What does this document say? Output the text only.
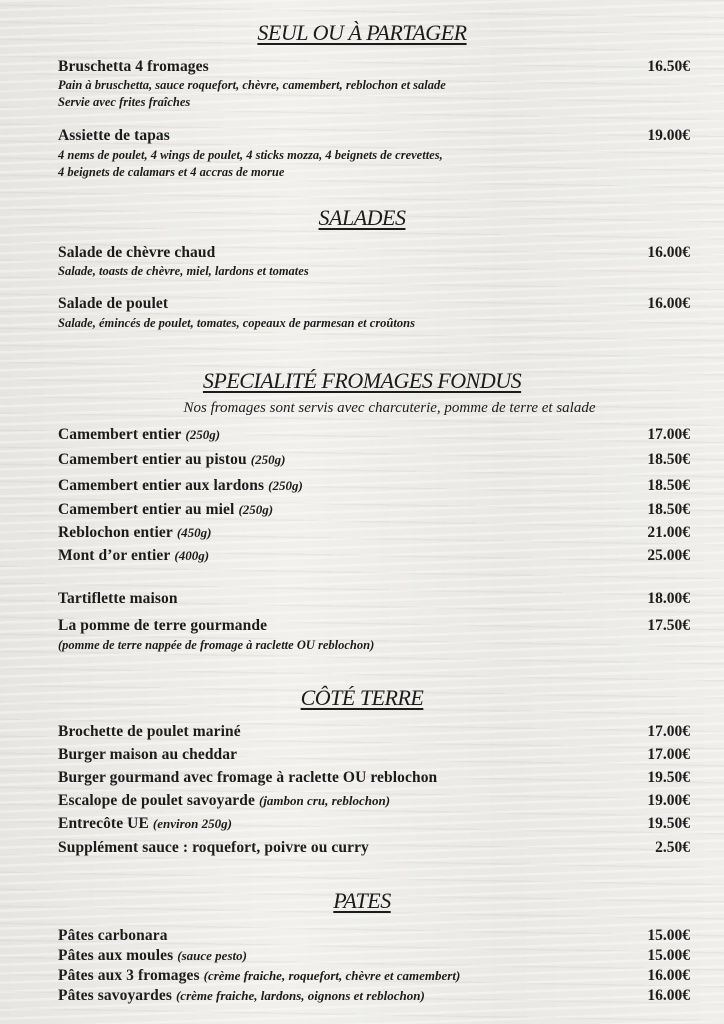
SEUL OU À PARTAGER
Bruschetta 4 fromages	16.50€
Pain à bruschetta, sauce roquefort, chèvre, camembert, reblochon et salade
Servie avec frites fraîches
Assiette de tapas	19.00€
4 nems de poulet, 4 wings de poulet, 4 sticks mozza, 4 beignets de crevettes,
4 beignets de calamars et 4 accras de morue
SALADES
Salade de chèvre chaud	16.00€
Salade, toasts de chèvre, miel, lardons et tomates
Salade de poulet	16.00€
Salade, émincés de poulet, tomates, copeaux de parmesan et croûtons
SPECIALITÉ FROMAGES FONDUS
Nos fromages sont servis avec charcuterie, pomme de terre et salade
Camembert entier (250g)	17.00€
Camembert entier au pistou (250g)	18.50€
Camembert entier aux lardons (250g)	18.50€
Camembert entier au miel (250g)	18.50€
Reblochon entier (450g)	21.00€
Mont d’or entier (400g)	25.00€
Tartiflette maison	18.00€
La pomme de terre gourmande	17.50€
(pomme de terre nappée de fromage à raclette OU reblochon)
CÔTÉ TERRE
Brochette de poulet mariné	17.00€
Burger maison au cheddar	17.00€
Burger gourmand avec fromage à raclette OU reblochon	19.50€
Escalope de poulet savoyarde (jambon cru, reblochon)	19.00€
Entrecôte UE (environ 250g)	19.50€
Supplément sauce : roquefort, poivre ou curry	2.50€
PATES
Pâtes carbonara	15.00€
Pâtes aux moules (sauce pesto)	15.00€
Pâtes aux 3 fromages (crème fraiche, roquefort, chèvre et camembert)	16.00€
Pâtes savoyardes (crème fraiche, lardons, oignons et reblochon)	16.00€
